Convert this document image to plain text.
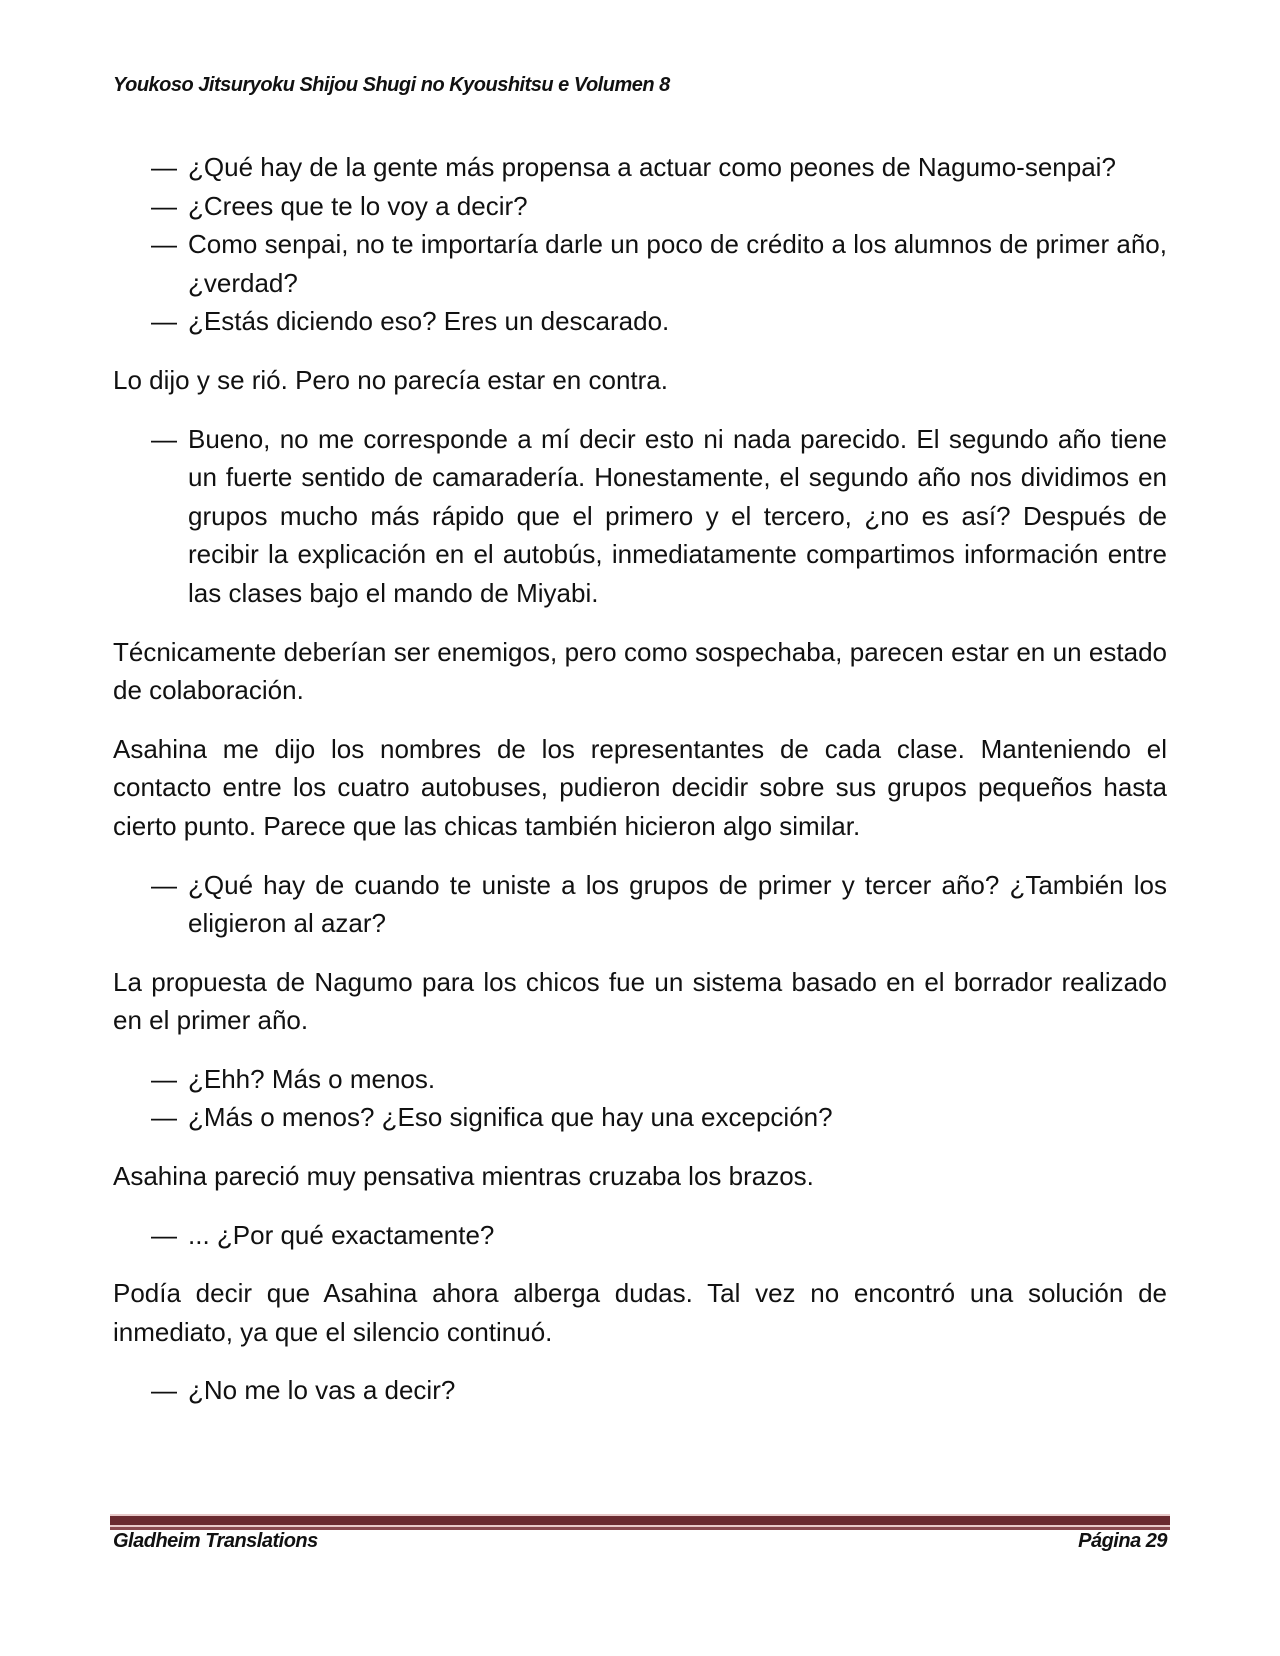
Youkoso Jitsuryoku Shijou Shugi no Kyoushitsu e Volumen 8
— ¿Qué hay de la gente más propensa a actuar como peones de Nagumo-senpai?
— ¿Crees que te lo voy a decir?
— Como senpai, no te importaría darle un poco de crédito a los alumnos de primer año, ¿verdad?
— ¿Estás diciendo eso? Eres un descarado.
Lo dijo y se rió. Pero no parecía estar en contra.
— Bueno, no me corresponde a mí decir esto ni nada parecido. El segundo año tiene un fuerte sentido de camaradería. Honestamente, el segundo año nos dividimos en grupos mucho más rápido que el primero y el tercero, ¿no es así? Después de recibir la explicación en el autobús, inmediatamente compartimos información entre las clases bajo el mando de Miyabi.
Técnicamente deberían ser enemigos, pero como sospechaba, parecen estar en un estado de colaboración.
Asahina me dijo los nombres de los representantes de cada clase. Manteniendo el contacto entre los cuatro autobuses, pudieron decidir sobre sus grupos pequeños hasta cierto punto. Parece que las chicas también hicieron algo similar.
— ¿Qué hay de cuando te uniste a los grupos de primer y tercer año? ¿También los eligieron al azar?
La propuesta de Nagumo para los chicos fue un sistema basado en el borrador realizado en el primer año.
— ¿Ehh? Más o menos.
— ¿Más o menos? ¿Eso significa que hay una excepción?
Asahina pareció muy pensativa mientras cruzaba los brazos.
— ... ¿Por qué exactamente?
Podía decir que Asahina ahora alberga dudas. Tal vez no encontró una solución de inmediato, ya que el silencio continuó.
— ¿No me lo vas a decir?
Gladheim Translations	Página 29
